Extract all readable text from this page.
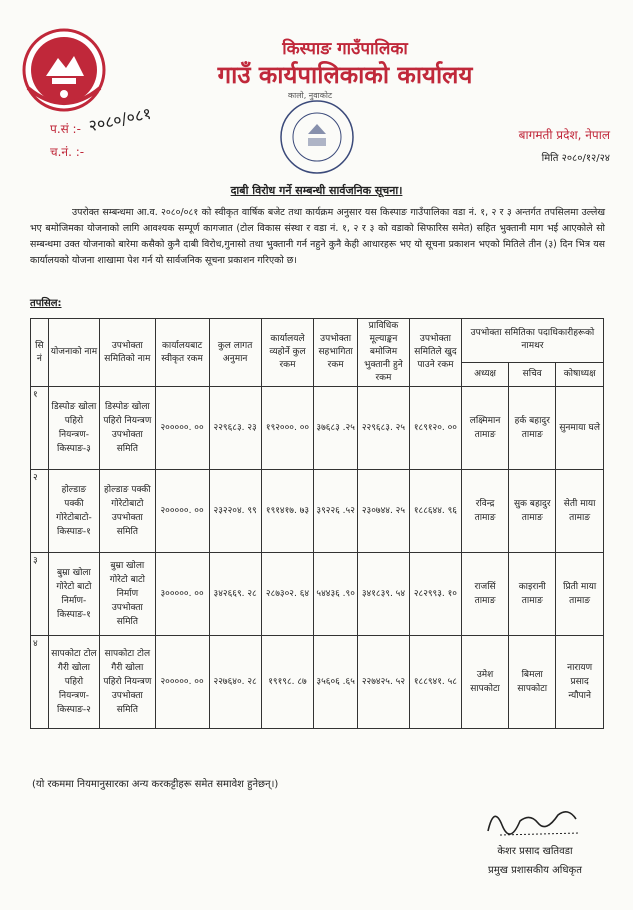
किस्पाङ गाउँपालिका
गाउँ कार्यपालिकाको कार्यालय
कालो, नुवाकोट
प.सं :- २०८०/०८१
च.नं. :-
बागमती प्रदेश, नेपाल
मिति २०८०/१२/२४
दाबी विरोध गर्ने सम्बन्धी सार्वजनिक सूचना।
उपरोक्त सम्बन्धमा आ.व. २०८०/०८१ को स्वीकृत वार्षिक बजेट तथा कार्यक्रम अनुसार यस किस्पाङ गाउँपालिका वडा नं. १, २ र ३ अन्तर्गत तपसिलमा उल्लेख भए बमोजिमका योजनाको लागि आवश्यक सम्पूर्ण कागजात (टोल विकास संस्था र वडा नं. १, २ र ३ को वडाको सिफारिस समेत) सहित भुक्तानी माग भई आएकोले सो सम्बन्धमा उक्त योजनाको बारेमा कसैको कुनै दाबी विरोध,गुनासो तथा भुक्तानी गर्न नहुने कुनै केही आधारहरू भए यो सूचना प्रकाशन भएको मितिले तीन (३) दिन भित्र यस कार्यालयको योजना शाखामा पेश गर्न यो सार्वजनिक सूचना प्रकाशन गरिएको छ।
तपसिल:
सि नं	योजनाको नाम	उपभोक्ता समितिको नाम	कार्यालयबाट स्वीकृत रकम	कुल लागत अनुमान	कार्यालयले व्यहोर्ने कुल रकम	उपभोक्ता सहभागिता रकम	प्राविधिक मूल्याङ्कन बमोजिम भुक्तानी हुने रकम	उपभोक्ता समितिले खुद पाउने रकम	उपभोक्ता समितिका पदाधिकारीहरूको नामथर		
									अध्यक्ष	सचिव	कोषाध्यक्ष
१	डिस्पोङ खोला पहिरो नियन्त्रण- किस्पाङ-३	डिस्पोङ खोला पहिरो नियन्त्रण उपभोक्ता समिति	२०००००. ००	२२९६८३. २३	१९२०००. ००	३७६८३ .२५	२२९६८३. २५	१८९१२०. ००	लक्ष्मिमान तामाङ	हर्क बहादुर तामाङ	सुनमाया घले
२	होल्डाङ पक्की गोरेटोबाटो- किस्पाङ-१	होल्डाङ पक्की गोरेटोबाटो उपभोक्ता समिति	२०००००. ००	२३२२०४. ९९	१९१४१७. ७३	३९२२६ .५२	२३०७४४. २५	१८८६४४. ९६	रविन्द्र तामाङ	सुक बहादुर तामाङ	सेती माया तामाङ
३	बुम्रा खोला गोरेटो बाटो निर्माण- किस्पाङ-१	बुम्रा खोला गोरेटो बाटो निर्माण उपभोक्ता समिति	३०००००. ००	३४२६६९. २८	२८७३०२. ६४	५४४३६ .९०	३४१८३९. ५४	२८२९९३. १०	राजसिं तामाङ	काइरानी तामाङ	प्रिती माया तामाङ
४	सापकोटा टोल गैरी खोला पहिरो नियन्त्रण- किस्पाङ-२	सापकोटा टोल गैरी खोला पहिरो नियन्त्रण उपभोक्ता समिति	२०००००. ००	२२७६४०. २८	१९१९८. ८७	३५६०६ .६५	२२७४२५. ५२	१८८९४१. ५८	उमेश सापकोटा	बिमला सापकोटा	नारायण प्रसाद न्यौपाने
(यो रकममा नियमानुसारका अन्य करकट्टीहरू समेत समावेश हुनेछन्।)
केशर प्रसाद खतिवडा
प्रमुख प्रशासकीय अधिकृत
